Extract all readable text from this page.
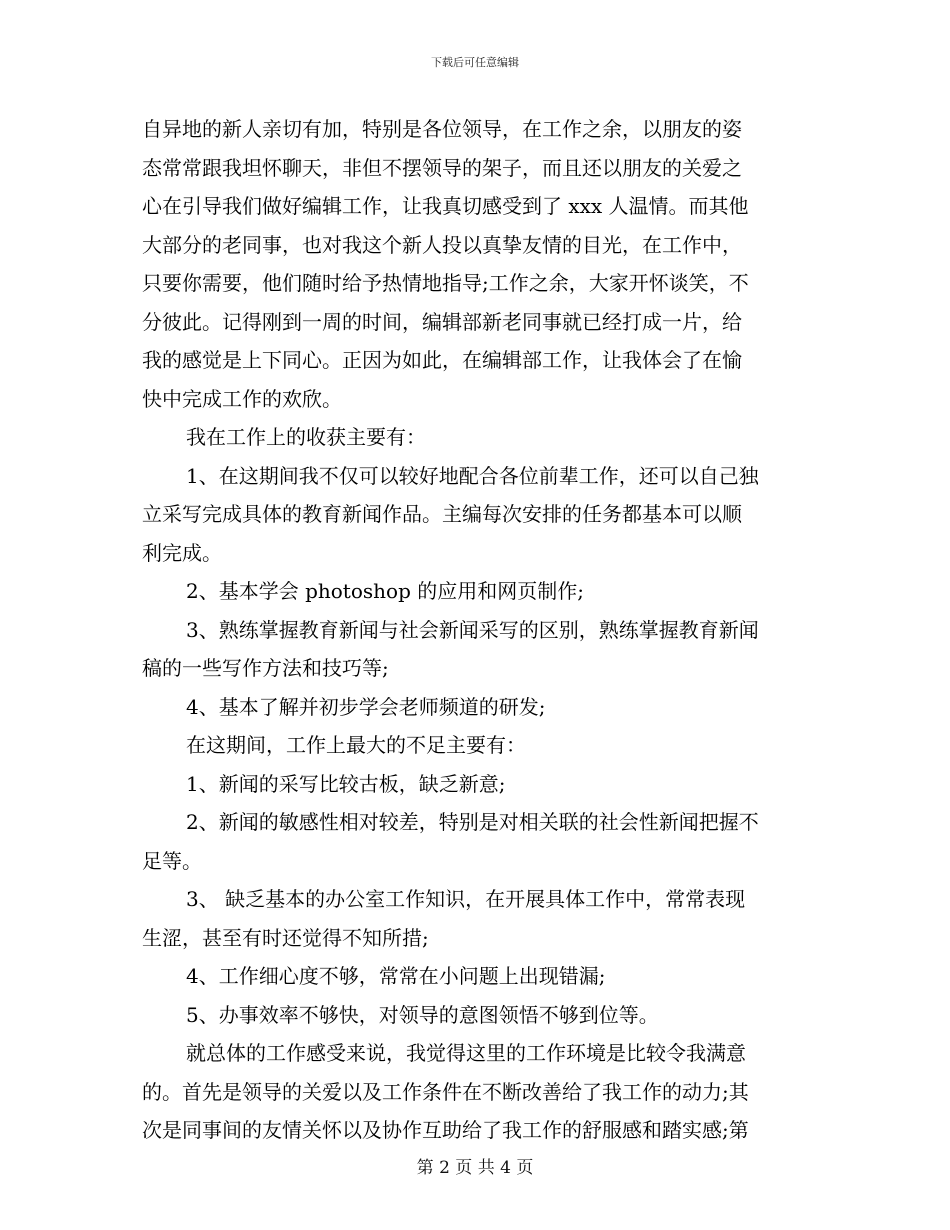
下载后可任意编辑
自异地的新人亲切有加，特别是各位领导，在工作之余，以朋友的姿
态常常跟我坦怀聊天，非但不摆领导的架子，而且还以朋友的关爱之
心在引导我们做好编辑工作，让我真切感受到了 xxx 人温情。而其他
大部分的老同事，也对我这个新人投以真挚友情的目光，在工作中，
只要你需要，他们随时给予热情地指导;工作之余，大家开怀谈笑，不
分彼此。记得刚到一周的时间，编辑部新老同事就已经打成一片，给
我的感觉是上下同心。正因为如此，在编辑部工作，让我体会了在愉
快中完成工作的欢欣。
我在工作上的收获主要有：
1、在这期间我不仅可以较好地配合各位前辈工作，还可以自己独
立采写完成具体的教育新闻作品。主编每次安排的任务都基本可以顺
利完成。
2、基本学会 photoshop 的应用和网页制作;
3、熟练掌握教育新闻与社会新闻采写的区别，熟练掌握教育新闻
稿的一些写作方法和技巧等;
4、基本了解并初步学会老师频道的研发;
在这期间，工作上最大的不足主要有：
1、新闻的采写比较古板，缺乏新意;
2、新闻的敏感性相对较差，特别是对相关联的社会性新闻把握不
足等。
3、 缺乏基本的办公室工作知识，在开展具体工作中，常常表现
生涩，甚至有时还觉得不知所措;
4、工作细心度不够，常常在小问题上出现错漏;
5、办事效率不够快，对领导的意图领悟不够到位等。
就总体的工作感受来说，我觉得这里的工作环境是比较令我满意
的。首先是领导的关爱以及工作条件在不断改善给了我工作的动力;其
次是同事间的友情关怀以及协作互助给了我工作的舒服感和踏实感;第
第 2 页 共 4 页
